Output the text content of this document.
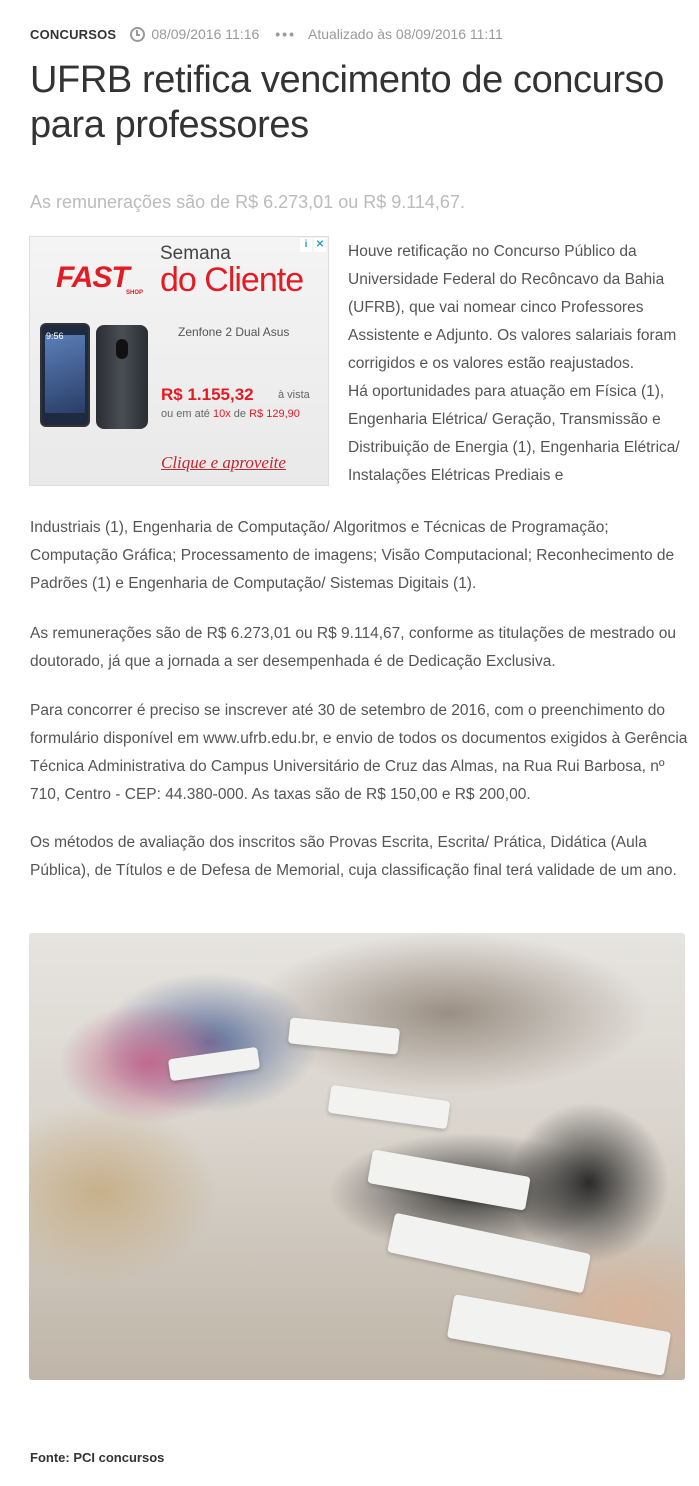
CONCURSOS	08/09/2016 11:16 ••• Atualizado às 08/09/2016 11:11
UFRB retifica vencimento de concurso para professores
As remunerações são de R$ 6.273,01 ou R$ 9.114,67.
i ✕
FAST
SHOP
Semana
do Cliente
Zenfone 2 Dual Asus
9:56
R$ 1.155,32 à vista
ou em até 10x de R$ 129,90
Clique e aproveite

Houve retificação no Concurso Público da Universidade Federal do Recôncavo da Bahia (UFRB), que vai nomear cinco Professores Assistente e Adjunto. Os valores salariais foram corrigidos e os valores estão reajustados.

Há oportunidades para atuação em Física (1), Engenharia Elétrica/ Geração, Transmissão e Distribuição de Energia (1), Engenharia Elétrica/ Instalações Elétricas Prediais e

Industriais (1), Engenharia de Computação/ Algoritmos e Técnicas de Programação; Computação Gráfica; Processamento de imagens; Visão Computacional; Reconhecimento de Padrões (1) e Engenharia de Computação/ Sistemas Digitais (1).

As remunerações são de R$ 6.273,01 ou R$ 9.114,67, conforme as titulações de mestrado ou doutorado, já que a jornada a ser desempenhada é de Dedicação Exclusiva.

Para concorrer é preciso se inscrever até 30 de setembro de 2016, com o preenchimento do formulário disponível em www.ufrb.edu.br, e envio de todos os documentos exigidos à Gerência Técnica Administrativa do Campus Universitário de Cruz das Almas, na Rua Rui Barbosa, nº 710, Centro - CEP: 44.380-000. As taxas são de R$ 150,00 e R$ 200,00.

Os métodos de avaliação dos inscritos são Provas Escrita, Escrita/ Prática, Didática (Aula Pública), de Títulos e de Defesa de Memorial, cuja classificação final terá validade de um ano.

Fonte: PCI concursos
